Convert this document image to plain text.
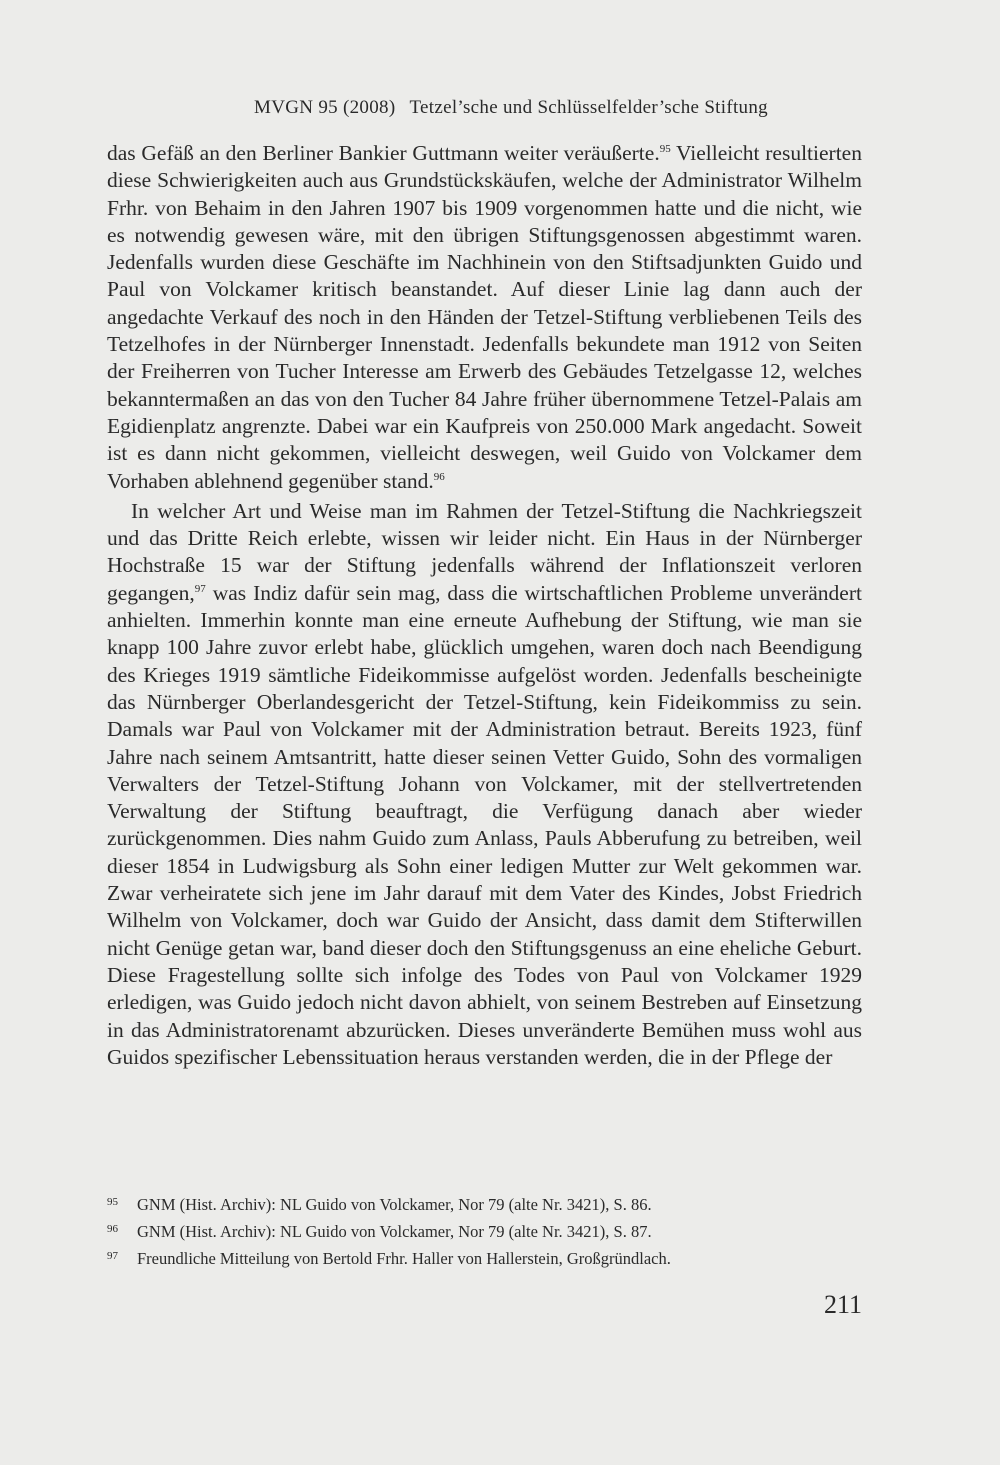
MVGN 95 (2008) Tetzel’sche und Schlüsselfelder’sche Stiftung

das Gefäß an den Berliner Bankier Guttmann weiter veräußerte.$^{95}$ Vielleicht resultierten diese Schwierigkeiten auch aus Grundstückskäufen, welche der Administrator Wilhelm Frhr. von Behaim in den Jahren 1907 bis 1909 vorgenommen hatte und die nicht, wie es notwendig gewesen wäre, mit den übrigen Stiftungsgenossen abgestimmt waren. Jedenfalls wurden diese Geschäfte im Nachhinein von den Stiftsadjunkten Guido und Paul von Volckamer kritisch beanstandet. Auf dieser Linie lag dann auch der angedachte Verkauf des noch in den Händen der Tetzel-Stiftung verbliebenen Teils des Tetzelhofes in der Nürnberger Innenstadt. Jedenfalls bekundete man 1912 von Seiten der Freiherren von Tucher Interesse am Erwerb des Gebäudes Tetzelgasse 12, welches bekanntermaßen an das von den Tucher 84 Jahre früher übernommene Tetzel-Palais am Egidienplatz angrenzte. Dabei war ein Kaufpreis von 250.000 Mark angedacht. Soweit ist es dann nicht gekommen, vielleicht deswegen, weil Guido von Volckamer dem Vorhaben ablehnend gegenüber stand.$^{96}$

In welcher Art und Weise man im Rahmen der Tetzel-Stiftung die Nachkriegszeit und das Dritte Reich erlebte, wissen wir leider nicht. Ein Haus in der Nürnberger Hochstraße 15 war der Stiftung jedenfalls während der Inflationszeit verloren gegangen,$^{97}$ was Indiz dafür sein mag, dass die wirtschaftlichen Probleme unverändert anhielten. Immerhin konnte man eine erneute Aufhebung der Stiftung, wie man sie knapp 100 Jahre zuvor erlebt habe, glücklich umgehen, waren doch nach Beendigung des Krieges 1919 sämtliche Fideikommisse aufgelöst worden. Jedenfalls bescheinigte das Nürnberger Oberlandesgericht der Tetzel-Stiftung, kein Fideikommiss zu sein. Damals war Paul von Volckamer mit der Administration betraut. Bereits 1923, fünf Jahre nach seinem Amtsantritt, hatte dieser seinen Vetter Guido, Sohn des vormaligen Verwalters der Tetzel-Stiftung Johann von Volckamer, mit der stellvertretenden Verwaltung der Stiftung beauftragt, die Verfügung danach aber wieder zurückgenommen. Dies nahm Guido zum Anlass, Pauls Abberufung zu betreiben, weil dieser 1854 in Ludwigsburg als Sohn einer ledigen Mutter zur Welt gekommen war. Zwar verheiratete sich jene im Jahr darauf mit dem Vater des Kindes, Jobst Friedrich Wilhelm von Volckamer, doch war Guido der Ansicht, dass damit dem Stifterwillen nicht Genüge getan war, band dieser doch den Stiftungsgenuss an eine eheliche Geburt. Diese Fragestellung sollte sich infolge des Todes von Paul von Volckamer 1929 erledigen, was Guido jedoch nicht davon abhielt, von seinem Bestreben auf Einsetzung in das Administratorenamt abzurücken. Dieses unveränderte Bemühen muss wohl aus Guidos spezifischer Lebenssituation heraus verstanden werden, die in der Pflege der

95 GNM (Hist. Archiv): NL Guido von Volckamer, Nor 79 (alte Nr. 3421), S. 86.
96 GNM (Hist. Archiv): NL Guido von Volckamer, Nor 79 (alte Nr. 3421), S. 87.
97 Freundliche Mitteilung von Bertold Frhr. Haller von Hallerstein, Großgründlach.
211
